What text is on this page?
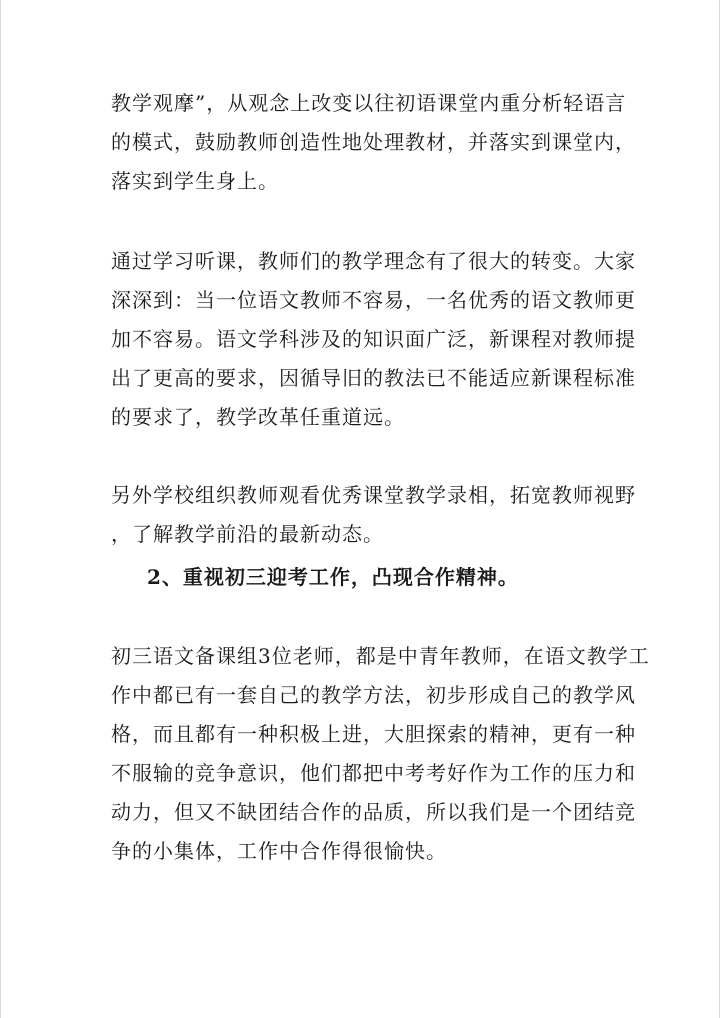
教学观摩”，从观念上改变以往初语课堂内重分析轻语言
的模式，鼓励教师创造性地处理教材，并落实到课堂内，
落实到学生身上。
通过学习听课，教师们的教学理念有了很大的转变。大家
深深到：当一位语文教师不容易，一名优秀的语文教师更
加不容易。语文学科涉及的知识面广泛，新课程对教师提
出了更高的要求，因循导旧的教法已不能适应新课程标准
的要求了，教学改革任重道远。
另外学校组织教师观看优秀课堂教学录相，拓宽教师视野
，了解教学前沿的最新动态。
2、重视初三迎考工作，凸现合作精神。
初三语文备课组3位老师，都是中青年教师，在语文教学工
作中都已有一套自己的教学方法，初步形成自己的教学风
格，而且都有一种积极上进，大胆探索的精神，更有一种
不服输的竞争意识，他们都把中考考好作为工作的压力和
动力，但又不缺团结合作的品质，所以我们是一个团结竞
争的小集体，工作中合作得很愉快。
